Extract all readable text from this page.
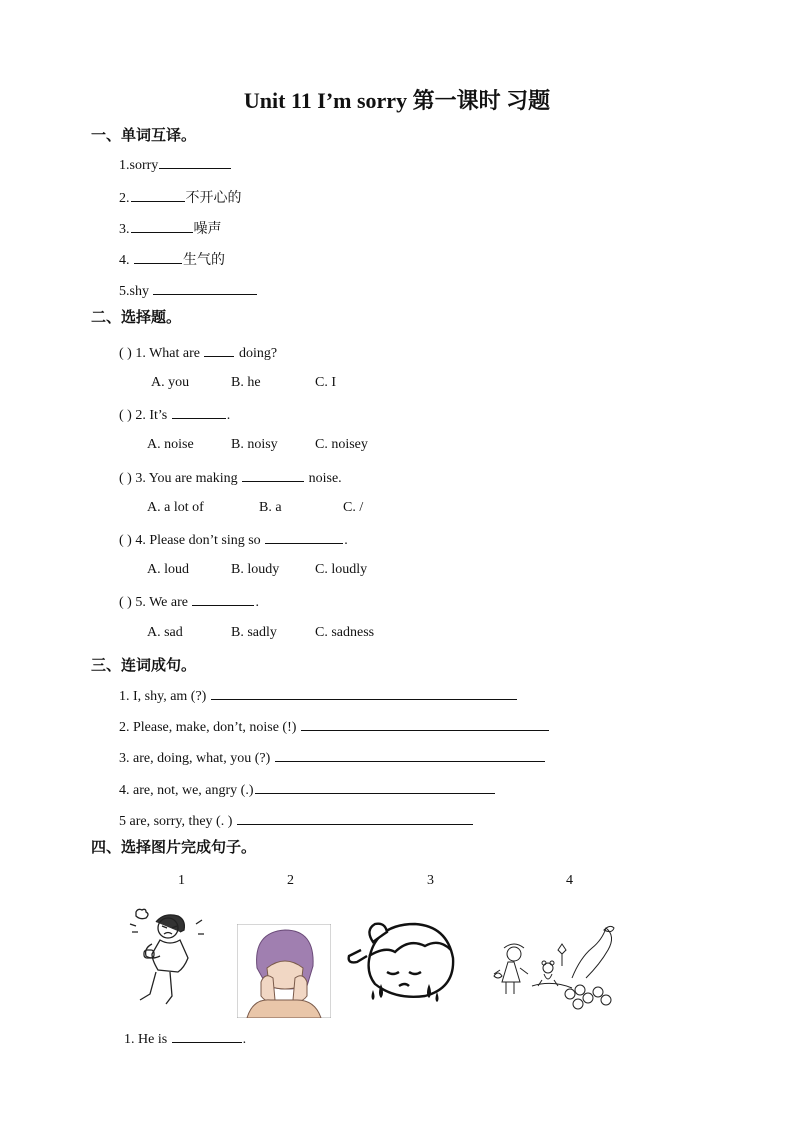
Unit 11 I’m sorry 第一课时 习题
一、单词互译。
1.sorry
2.	不开心的
3.	噪声
4.	生气的
5.shy
二、选择题。
( ) 1. What are	doing?
A. you	B. he	C. I
( ) 2. It’s	.
A. noise	B. noisy	C. noisey
( ) 3. You are making	noise.
A. a lot of	B. a	C. /
( ) 4. Please don’t sing so	.
A. loud	B. loudy	C. loudly
( ) 5. We are	.
A. sad	B. sadly	C. sadness
三、连词成句。
1. I, shy, am (?)
2. Please, make, don’t, noise (!)
3. are, doing, what, you (?)
4. are, not, we, angry (.)
5 are, sorry, they (. )
四、选择图片完成句子。
1	2	3	4
1. He is	.
